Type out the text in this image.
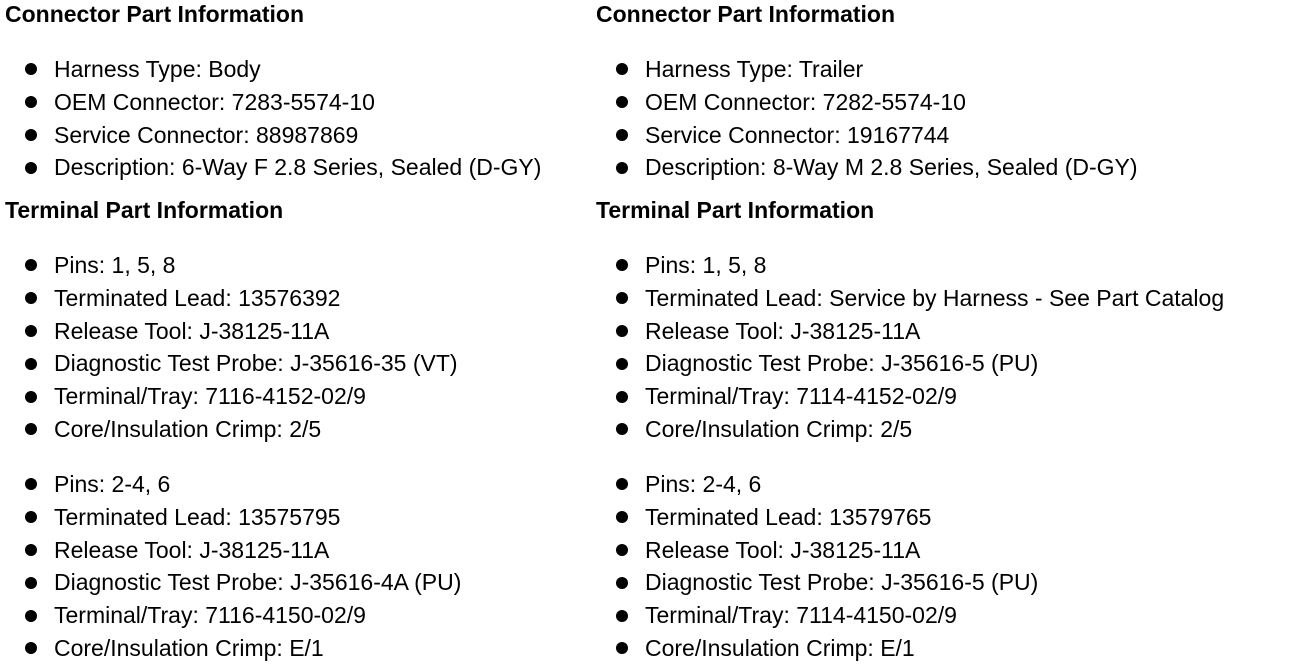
Connector Part Information
Harness Type: Body
OEM Connector: 7283-5574-10
Service Connector: 88987869
Description: 6-Way F 2.8 Series, Sealed (D-GY)
Terminal Part Information
Pins: 1, 5, 8
Terminated Lead: 13576392
Release Tool: J-38125-11A
Diagnostic Test Probe: J-35616-35 (VT)
Terminal/Tray: 7116-4152-02/9
Core/Insulation Crimp: 2/5
Pins: 2-4, 6
Terminated Lead: 13575795
Release Tool: J-38125-11A
Diagnostic Test Probe: J-35616-4A (PU)
Terminal/Tray: 7116-4150-02/9
Core/Insulation Crimp: E/1
Connector Part Information
Harness Type: Trailer
OEM Connector: 7282-5574-10
Service Connector: 19167744
Description: 8-Way M 2.8 Series, Sealed (D-GY)
Terminal Part Information
Pins: 1, 5, 8
Terminated Lead: Service by Harness - See Part Catalog
Release Tool: J-38125-11A
Diagnostic Test Probe: J-35616-5 (PU)
Terminal/Tray: 7114-4152-02/9
Core/Insulation Crimp: 2/5
Pins: 2-4, 6
Terminated Lead: 13579765
Release Tool: J-38125-11A
Diagnostic Test Probe: J-35616-5 (PU)
Terminal/Tray: 7114-4150-02/9
Core/Insulation Crimp: E/1
